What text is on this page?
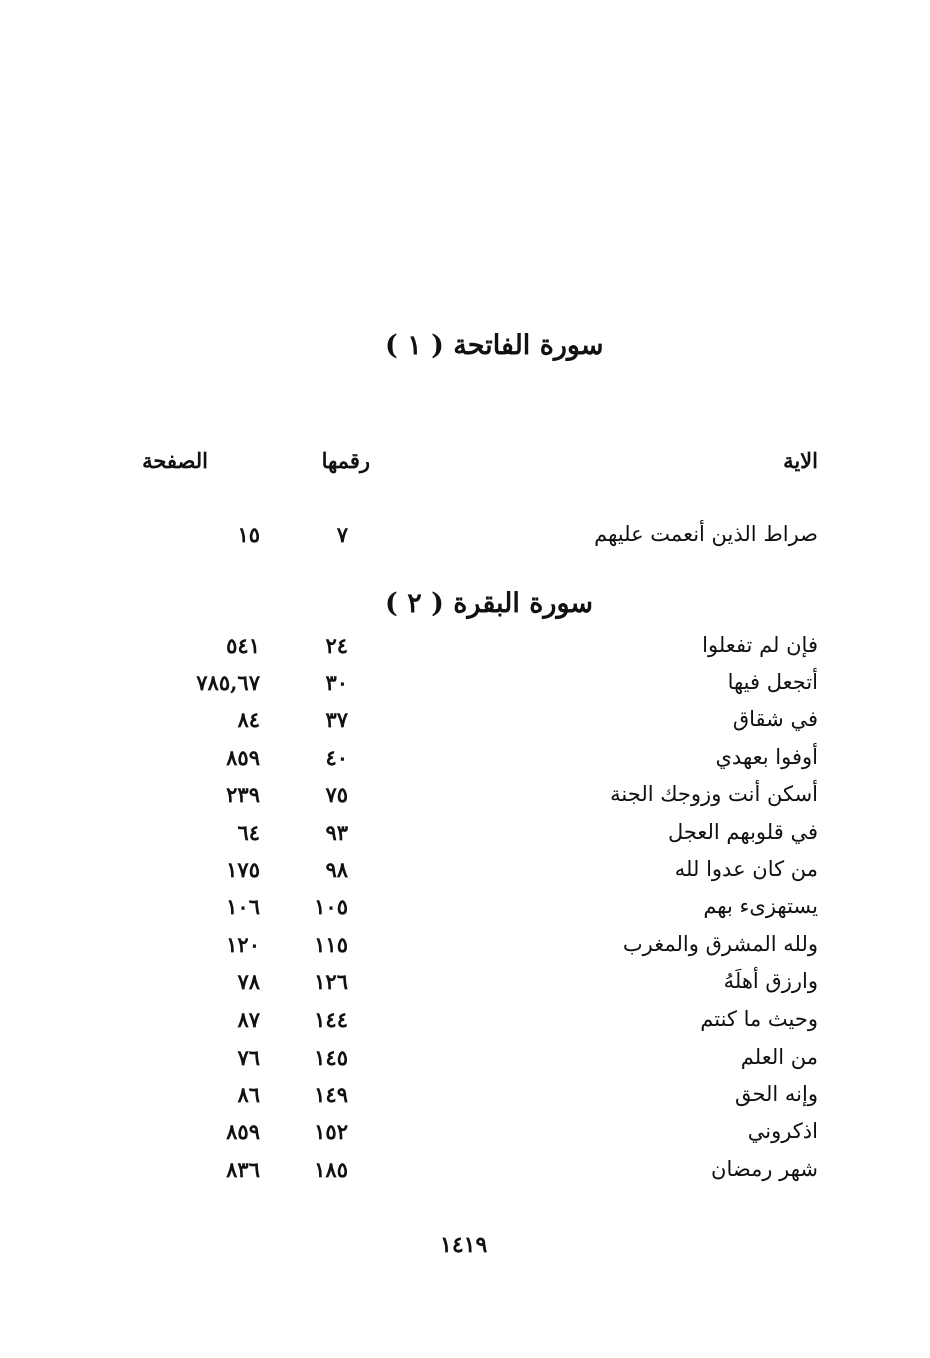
سورة الفاتحة ( ١ )
الاية
رقمها
الصفحة
صراط الذين أنعمت عليهم
٧
١٥
سورة البقرة ( ٢ )
فإن لم تفعلوا
٢٤
٥٤١
أتجعل فيها
٣٠
٧٨٥,٦٧
في شقاق
٣٧
٨٤
أوفوا بعهدي
٤٠
٨٥٩
أسكن أنت وزوجك الجنة
٧٥
٢٣٩
في قلوبهم العجل
٩٣
٦٤
من كان عدوا لله
٩٨
١٧٥
يستهزىء بهم
١٠٥
١٠٦
ولله المشرق والمغرب
١١٥
١٢٠
وارزق أهلَهُ
١٢٦
٧٨
وحيث ما كنتم
١٤٤
٨٧
من العلم
١٤٥
٧٦
وإنه الحق
١٤٩
٨٦
اذكروني
١٥٢
٨٥٩
شهر رمضان
١٨٥
٨٣٦
١٤١٩
